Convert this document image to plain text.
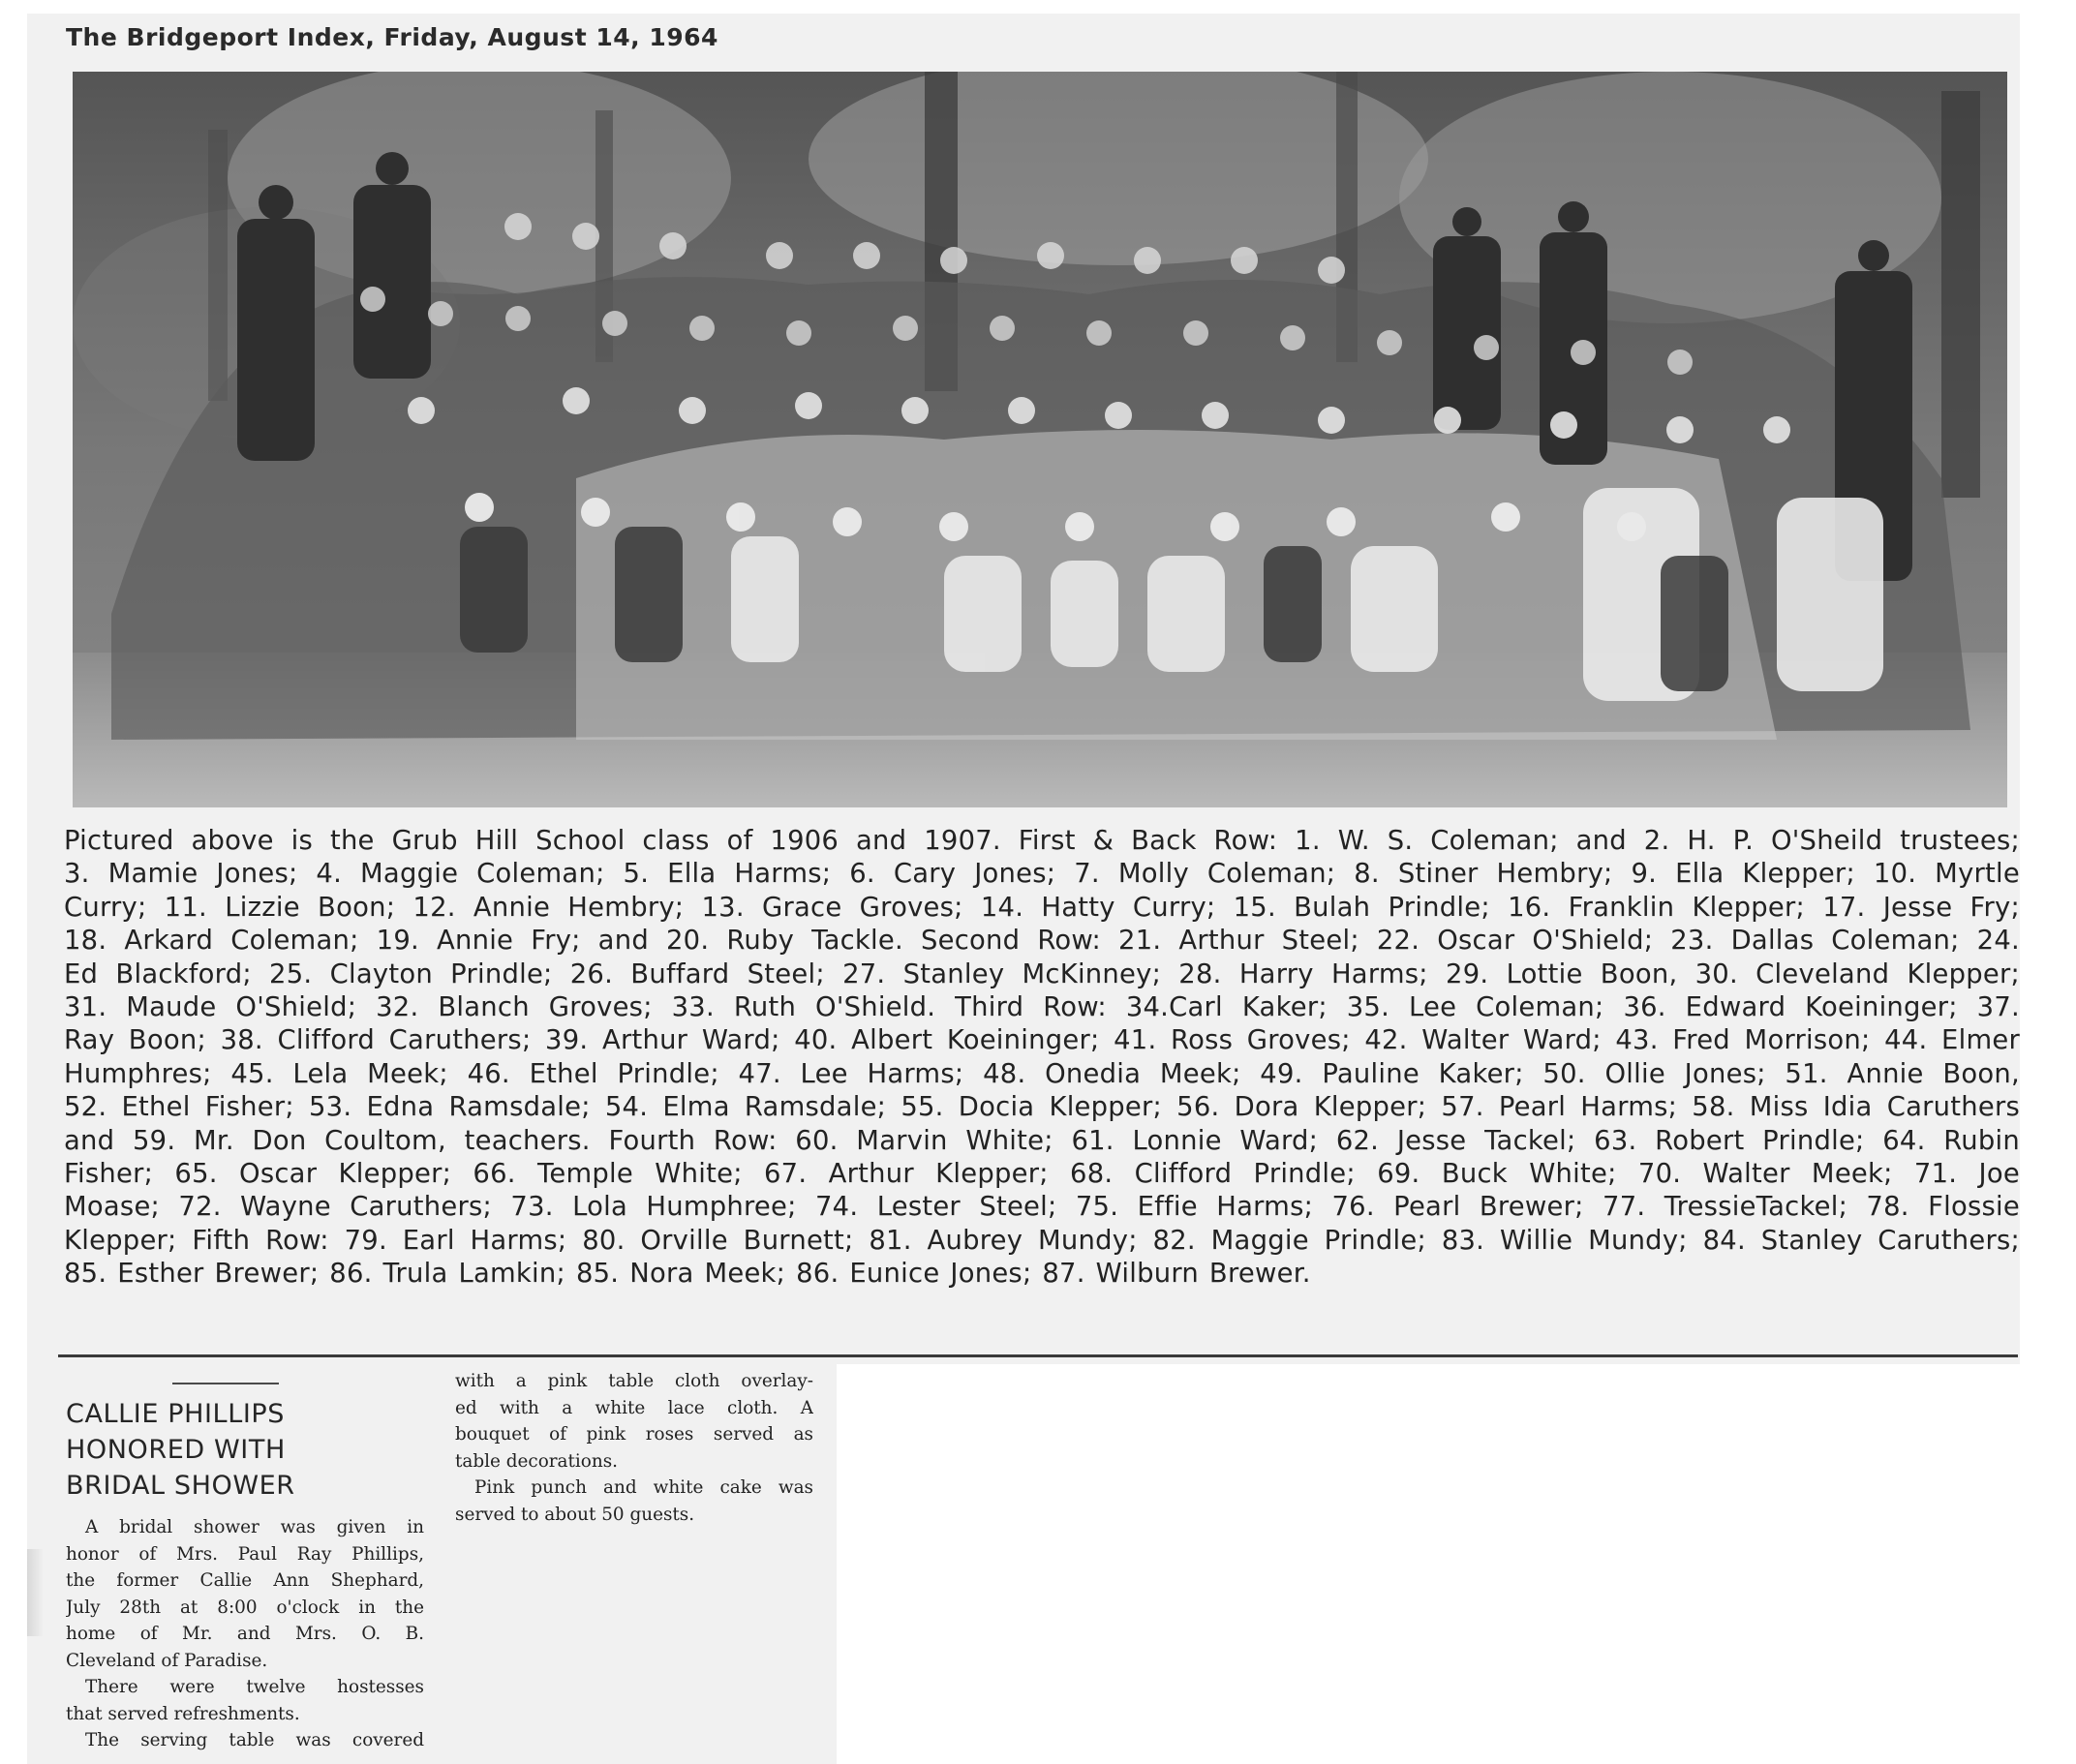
The Bridgeport Index, Friday, August 14, 1964
Pictured above is the Grub Hill School class of 1906 and 1907. First & Back Row: 1. W. S. Coleman; and 2. H. P. O'Sheild trustees;
3. Mamie Jones; 4. Maggie Coleman; 5. Ella Harms; 6. Cary Jones; 7. Molly Coleman; 8. Stiner Hembry; 9. Ella Klepper; 10. Myrtle
Curry; 11. Lizzie Boon; 12. Annie Hembry; 13. Grace Groves; 14. Hatty Curry; 15. Bulah Prindle; 16. Franklin Klepper; 17. Jesse Fry;
18. Arkard Coleman; 19. Annie Fry; and 20. Ruby Tackle. Second Row: 21. Arthur Steel; 22. Oscar O'Shield; 23. Dallas Coleman; 24.
Ed Blackford; 25. Clayton Prindle; 26. Buffard Steel; 27. Stanley McKinney; 28. Harry Harms; 29. Lottie Boon, 30. Cleveland Klepper;
31. Maude O'Shield; 32. Blanch Groves; 33. Ruth O'Shield. Third Row: 34.Carl Kaker; 35. Lee Coleman; 36. Edward Koeininger; 37.
Ray Boon; 38. Clifford Caruthers; 39. Arthur Ward; 40. Albert Koeininger; 41. Ross Groves; 42. Walter Ward; 43. Fred Morrison; 44. Elmer
Humphres; 45. Lela Meek; 46. Ethel Prindle; 47. Lee Harms; 48. Onedia Meek; 49. Pauline Kaker; 50. Ollie Jones; 51. Annie Boon,
52. Ethel Fisher; 53. Edna Ramsdale; 54. Elma Ramsdale; 55. Docia Klepper; 56. Dora Klepper; 57. Pearl Harms; 58. Miss Idia Caruthers
and 59. Mr. Don Coultom, teachers. Fourth Row: 60. Marvin White; 61. Lonnie Ward; 62. Jesse Tackel; 63. Robert Prindle; 64. Rubin
Fisher; 65. Oscar Klepper; 66. Temple White; 67. Arthur Klepper; 68. Clifford Prindle; 69. Buck White; 70. Walter Meek; 71. Joe
Moase; 72. Wayne Caruthers; 73. Lola Humphree; 74. Lester Steel; 75. Effie Harms; 76. Pearl Brewer; 77. TressieTackel; 78. Flossie
Klepper; Fifth Row: 79. Earl Harms; 80. Orville Burnett; 81. Aubrey Mundy; 82. Maggie Prindle; 83. Willie Mundy; 84. Stanley Caruthers;
85. Esther Brewer; 86. Trula Lamkin; 85. Nora Meek; 86. Eunice Jones; 87. Wilburn Brewer.
CALLIE PHILLIPS
HONORED WITH
BRIDAL SHOWER
A bridal shower was given in
honor of Mrs. Paul Ray Phillips,
the former Callie Ann Shephard,
July 28th at 8:00 o'clock in the
home of Mr. and Mrs. O. B.
Cleveland of Paradise.
There were twelve hostesses
that served refreshments.
The serving table was covered
with a pink table cloth overlay-
ed with a white lace cloth. A
bouquet of pink roses served as
table decorations.
Pink punch and white cake was
served to about 50 guests.
